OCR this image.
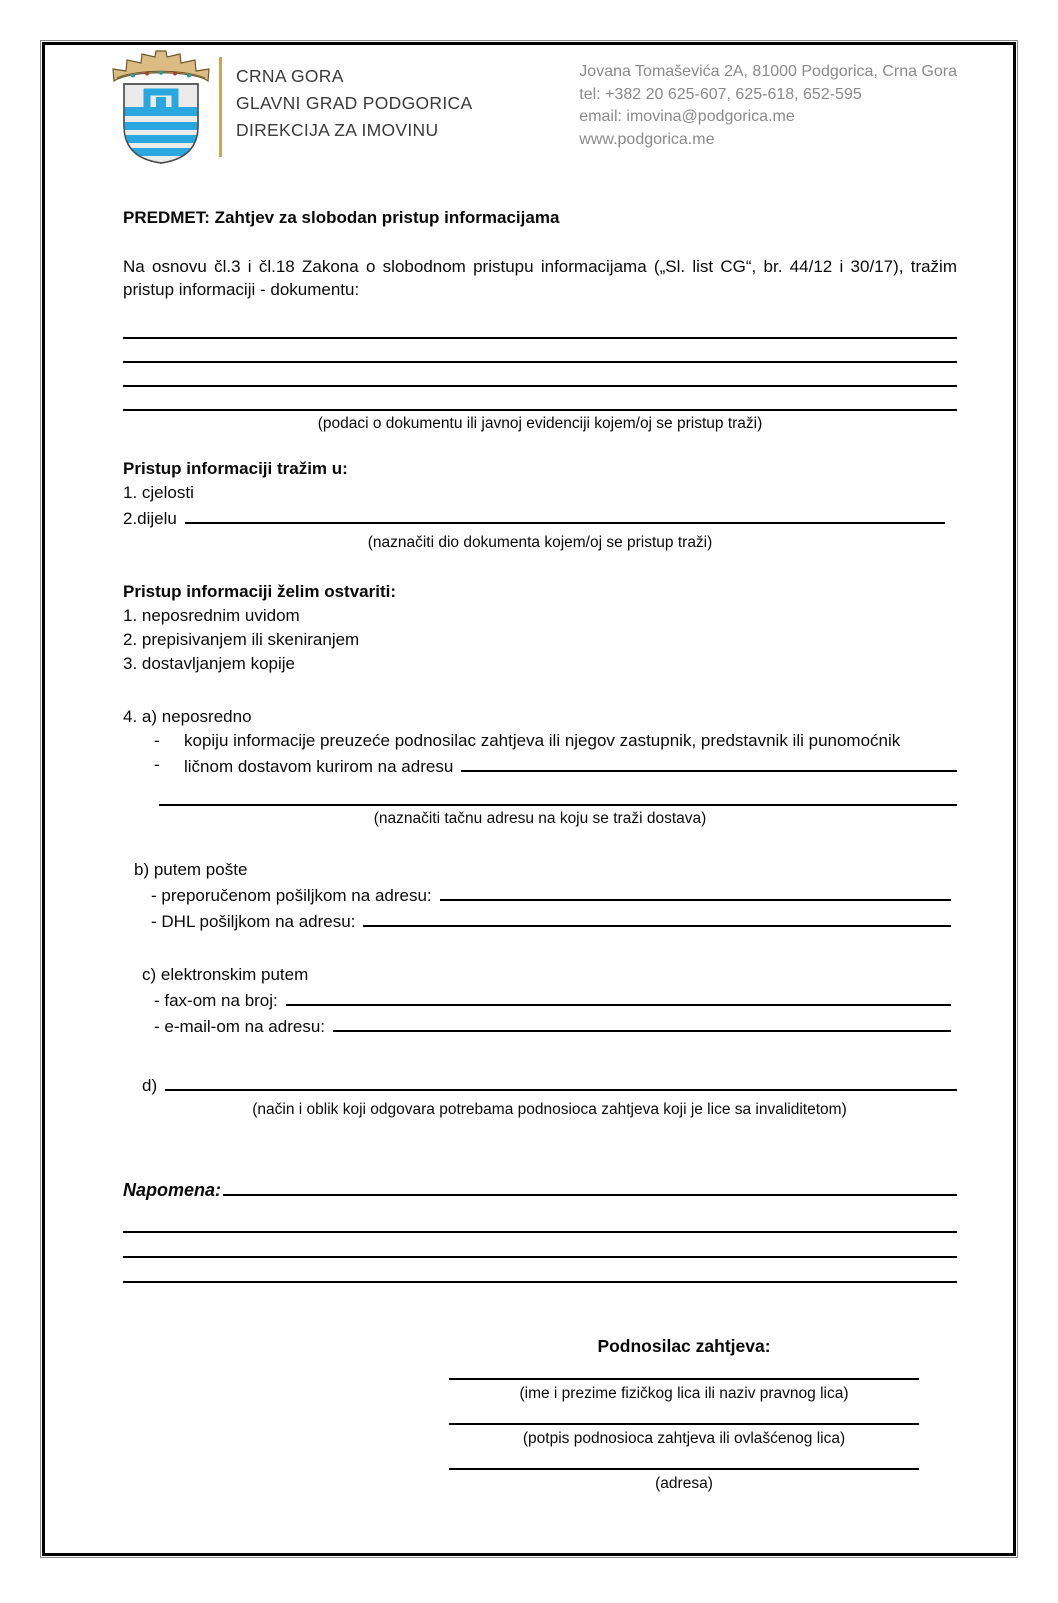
CRNA GORA
GLAVNI GRAD PODGORICA
DIREKCIJA ZA IMOVINU
Jovana Tomaševića 2A, 81000 Podgorica, Crna Gora
tel: +382 20 625-607, 625-618, 652-595
email: imovina@podgorica.me
www.podgorica.me
PREDMET: Zahtjev za slobodan pristup informacijama
Na osnovu čl.3 i čl.18 Zakona o slobodnom pristupu informacijama („Sl. list CG“, br. 44/12 i 30/17), tražim pristup informaciji - dokumentu:
(podaci o dokumentu ili javnoj evidenciji kojem/oj se pristup traži)
Pristup informaciji tražim u:
1. cjelosti
2.dijelu
(naznačiti dio dokumenta kojem/oj se pristup traži)
Pristup informaciji želim ostvariti:
1. neposrednim uvidom
2. prepisivanjem ili skeniranjem
3. dostavljanjem kopije
4. a) neposredno
-	kopiju informacije preuzeće podnosilac zahtjeva ili njegov zastupnik, predstavnik ili punomoćnik
-	ličnom dostavom kurirom na adresu
(naznačiti tačnu adresu na koju se traži dostava)
b) putem pošte
- preporučenom pošiljkom na adresu:
- DHL pošiljkom na adresu:
c) elektronskim putem
- fax-om na broj:
- e-mail-om na adresu:
d)
(način i oblik koji odgovara potrebama podnosioca zahtjeva koji je lice sa invaliditetom)
Napomena:
Podnosilac zahtjeva:
(ime i prezime fizičkog lica ili naziv pravnog lica)
(potpis podnosioca zahtjeva ili ovlašćenog lica)
(adresa)
